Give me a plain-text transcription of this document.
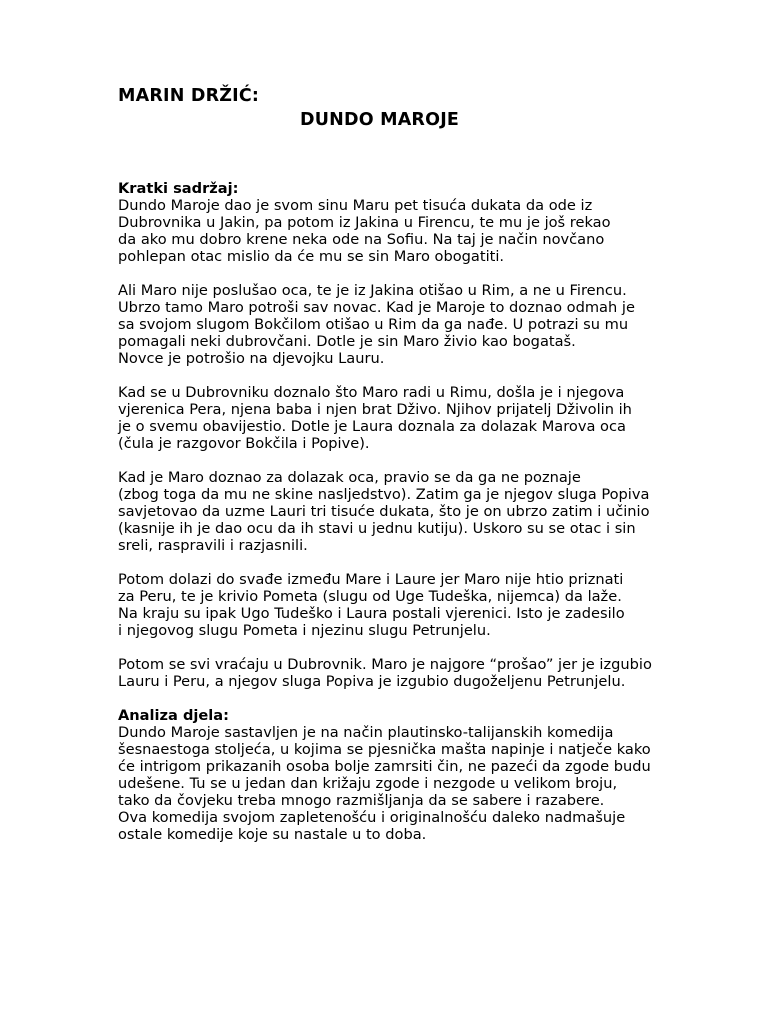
MARIN DRŽIĆ:
DUNDO MAROJE
Kratki sadržaj:
Dundo Maroje dao je svom sinu Maru pet tisuća dukata da ode iz
Dubrovnika u Jakin, pa potom iz Jakina u Firencu, te mu je još rekao
da ako mu dobro krene neka ode na Sofiu. Na taj je način novčano
pohlepan otac mislio da će mu se sin Maro obogatiti.
Ali Maro nije poslušao oca, te je iz Jakina otišao u Rim, a ne u Firencu.
Ubrzo tamo Maro potroši sav novac. Kad je Maroje to doznao odmah je
sa svojom slugom Bokčilom otišao u Rim da ga nađe. U potrazi su mu
pomagali neki dubrovčani. Dotle je sin Maro živio kao bogataš.
Novce je potrošio na djevojku Lauru.
Kad se u Dubrovniku doznalo što Maro radi u Rimu, došla je i njegova
vjerenica Pera, njena baba i njen brat Dživo. Njihov prijatelj Dživolin ih
je o svemu obavijestio. Dotle je Laura doznala za dolazak Marova oca
(čula je razgovor Bokčila i Popive).
Kad je Maro doznao za dolazak oca, pravio se da ga ne poznaje
(zbog toga da mu ne skine nasljedstvo). Zatim ga je njegov sluga Popiva
savjetovao da uzme Lauri tri tisuće dukata, što je on ubrzo zatim i učinio
(kasnije ih je dao ocu da ih stavi u jednu kutiju). Uskoro su se otac i sin
sreli, raspravili i razjasnili.
Potom dolazi do svađe između Mare i Laure jer Maro nije htio priznati
za Peru, te je krivio Pometa (slugu od Uge Tudeška, nijemca) da laže.
Na kraju su ipak Ugo Tudeško i Laura postali vjerenici. Isto je zadesilo
i njegovog slugu Pometa i njezinu slugu Petrunjelu.
Potom se svi vraćaju u Dubrovnik. Maro je najgore “prošao” jer je izgubio
Lauru i Peru, a njegov sluga Popiva je izgubio dugoželjenu Petrunjelu.
Analiza djela:
Dundo Maroje sastavljen je na način plautinsko-talijanskih komedija
šesnaestoga stoljeća, u kojima se pjesnička mašta napinje i natječe kako
će intrigom prikazanih osoba bolje zamrsiti čin, ne pazeći da zgode budu
udešene. Tu se u jedan dan križaju zgode i nezgode u velikom broju,
tako da čovjeku treba mnogo razmišljanja da se sabere i razabere.
Ova komedija svojom zapletenošću i originalnošću daleko nadmašuje
ostale komedije koje su nastale u to doba.
